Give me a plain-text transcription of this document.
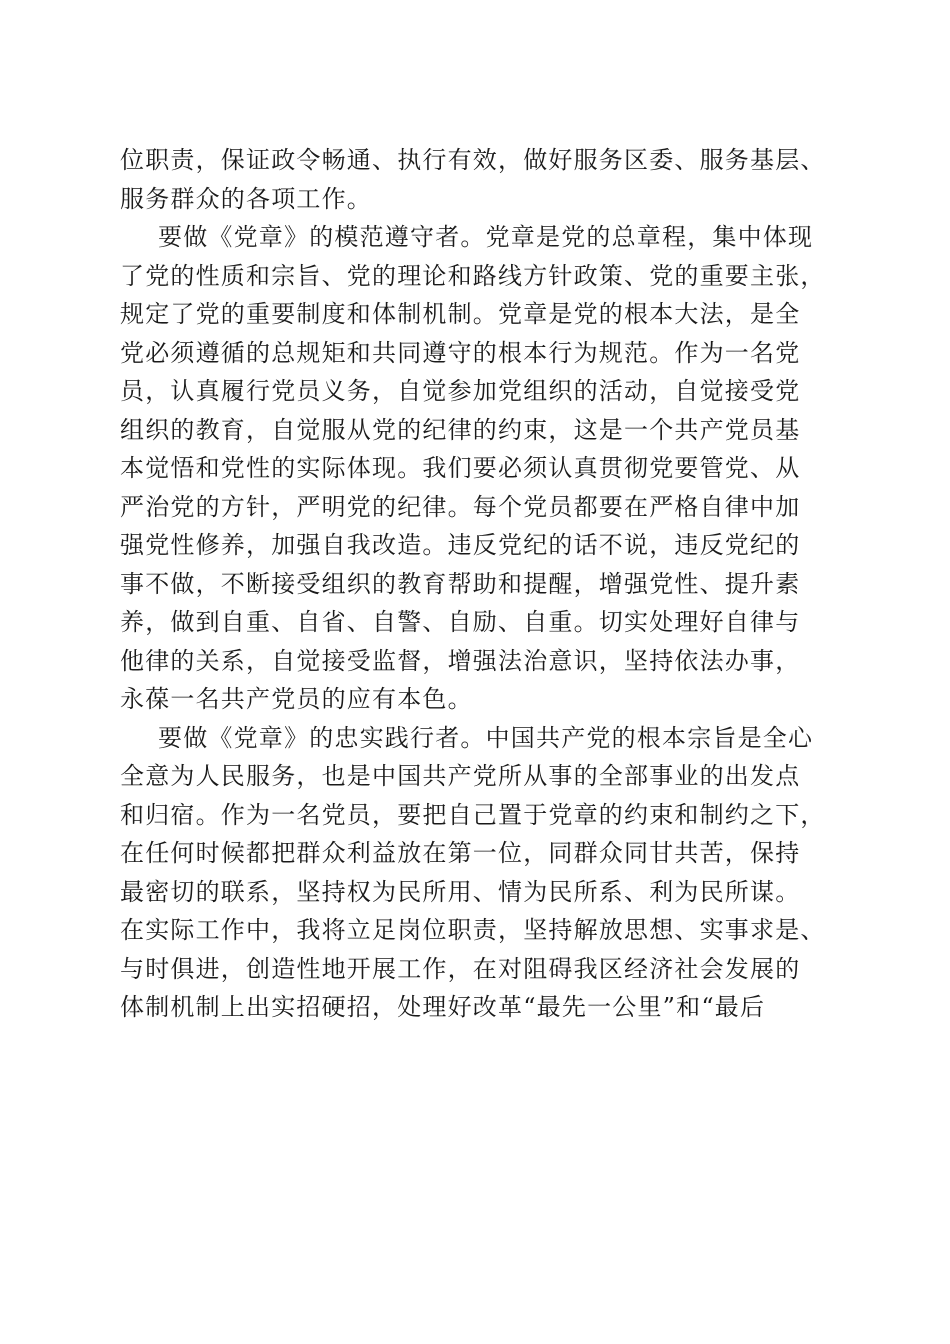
位职责，保证政令畅通、执行有效，做好服务区委、服务基层、
服务群众的各项工作。
要做《党章》的模范遵守者。党章是党的总章程，集中体现
了党的性质和宗旨、党的理论和路线方针政策、党的重要主张，
规定了党的重要制度和体制机制。党章是党的根本大法，是全
党必须遵循的总规矩和共同遵守的根本行为规范。作为一名党
员，认真履行党员义务，自觉参加党组织的活动，自觉接受党
组织的教育，自觉服从党的纪律的约束，这是一个共产党员基
本觉悟和党性的实际体现。我们要必须认真贯彻党要管党、从
严治党的方针，严明党的纪律。每个党员都要在严格自律中加
强党性修养，加强自我改造。违反党纪的话不说，违反党纪的
事不做，不断接受组织的教育帮助和提醒，增强党性、提升素
养，做到自重、自省、自警、自励、自重。切实处理好自律与
他律的关系，自觉接受监督，增强法治意识，坚持依法办事，
永葆一名共产党员的应有本色。
要做《党章》的忠实践行者。中国共产党的根本宗旨是全心
全意为人民服务，也是中国共产党所从事的全部事业的出发点
和归宿。作为一名党员，要把自己置于党章的约束和制约之下，
在任何时候都把群众利益放在第一位，同群众同甘共苦，保持
最密切的联系，坚持权为民所用、情为民所系、利为民所谋。
在实际工作中，我将立足岗位职责，坚持解放思想、实事求是、
与时俱进，创造性地开展工作，在对阻碍我区经济社会发展的
体制机制上出实招硬招，处理好改革“最先一公里”和“最后
